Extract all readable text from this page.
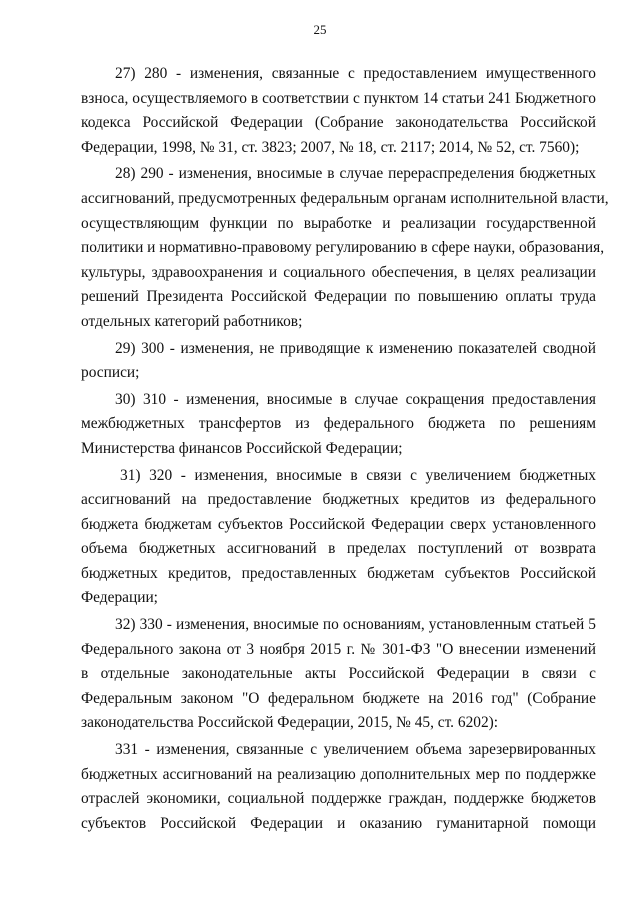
25
27) 280 - изменения, связанные с предоставлением имущественного
взноса, осуществляемого в соответствии с пунктом 14 статьи 241 Бюджетного
кодекса Российской Федерации (Собрание законодательства Российской
Федерации, 1998, № 31, ст. 3823; 2007, № 18, ст. 2117; 2014, № 52, ст. 7560);
28) 290 - изменения, вносимые в случае перераспределения бюджетных
ассигнований, предусмотренных федеральным органам исполнительной власти,
осуществляющим функции по выработке и реализации государственной
политики и нормативно-правовому регулированию в сфере науки, образования,
культуры, здравоохранения и социального обеспечения, в целях реализации
решений Президента Российской Федерации по повышению оплаты труда
отдельных категорий работников;
29) 300 - изменения, не приводящие к изменению показателей сводной
росписи;
30) 310 - изменения, вносимые в случае сокращения предоставления
межбюджетных трансфертов из федерального бюджета по решениям
Министерства финансов Российской Федерации;
31) 320 - изменения, вносимые в связи с увеличением бюджетных
ассигнований на предоставление бюджетных кредитов из федерального
бюджета бюджетам субъектов Российской Федерации сверх установленного
объема бюджетных ассигнований в пределах поступлений от возврата
бюджетных кредитов, предоставленных бюджетам субъектов Российской
Федерации;
32) 330 - изменения, вносимые по основаниям, установленным статьей 5
Федерального закона от 3 ноября 2015 г. № 301-ФЗ "О внесении изменений
в отдельные законодательные акты Российской Федерации в связи с
Федеральным законом "О федеральном бюджете на 2016 год" (Собрание
законодательства Российской Федерации, 2015, № 45, ст. 6202):
331 - изменения, связанные с увеличением объема зарезервированных
бюджетных ассигнований на реализацию дополнительных мер по поддержке
отраслей экономики, социальной поддержке граждан, поддержке бюджетов
субъектов Российской Федерации и оказанию гуманитарной помощи
